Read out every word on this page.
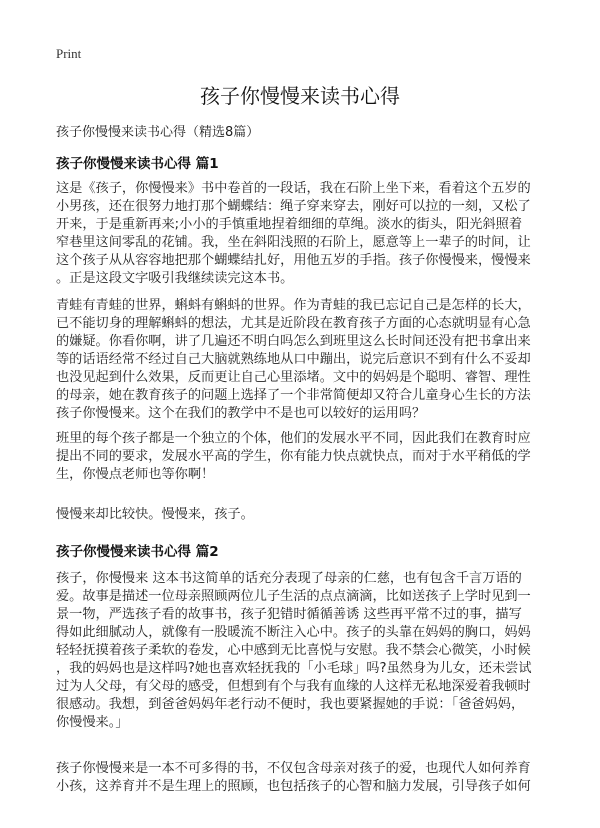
Print
孩子你慢慢来读书心得
孩子你慢慢来读书心得（精选8篇）
孩子你慢慢来读书心得 篇1

这是《孩子，你慢慢来》书中卷首的一段话，我在石阶上坐下来，看着这个五岁的
小男孩，还在很努力地打那个蝴蝶结：绳子穿来穿去，刚好可以拉的一刻，又松了
开来，于是重新再来;小小的手慎重地捏着细细的草绳。淡水的街头，阳光斜照着
窄巷里这间零乱的花铺。我，坐在斜阳浅照的石阶上，愿意等上一辈子的时间，让
这个孩子从从容容地把那个蝴蝶结扎好，用他五岁的手指。孩子你慢慢来，慢慢来
。正是这段文字吸引我继续读完这本书。

青蛙有青蛙的世界，蝌蚪有蝌蚪的世界。作为青蛙的我已忘记自己是怎样的长大，
已不能切身的理解蝌蚪的想法，尤其是近阶段在教育孩子方面的心态就明显有心急
的嫌疑。你看你啊，讲了几遍还不明白吗怎么到班里这么长时间还没有把书拿出来
等的话语经常不经过自己大脑就熟练地从口中蹦出，说完后意识不到有什么不妥却
也没见起到什么效果，反而更让自己心里添堵。文中的妈妈是个聪明、睿智、理性
的母亲，她在教育孩子的问题上选择了一个非常简便却又符合儿童身心生长的方法
孩子你慢慢来。这个在我们的教学中不是也可以较好的运用吗？

班里的每个孩子都是一个独立的个体，他们的发展水平不同，因此我们在教育时应
提出不同的要求，发展水平高的学生，你有能力快点就快点，而对于水平稍低的学
生，你慢点老师也等你啊！

慢慢来却比较快。慢慢来，孩子。

孩子你慢慢来读书心得 篇2

孩子，你慢慢来 这本书这简单的话充分表现了母亲的仁慈，也有包含千言万语的
爱。故事是描述一位母亲照顾两位儿子生活的点点滴滴，比如送孩子上学时见到一
景一物，严选孩子看的故事书，孩子犯错时循循善诱 这些再平常不过的事，描写
得如此细腻动人，就像有一股暖流不断注入心中。孩子的头靠在妈妈的胸口，妈妈
轻轻抚摸着孩子柔软的卷发，心中感到无比喜悦与安慰。我不禁会心微笑，小时候
，我的妈妈也是这样吗?她也喜欢轻抚我的「小毛球」吗?虽然身为儿女，还未尝试
过为人父母，有父母的感受，但想到有个与我有血缘的人这样无私地深爱着我顿时
很感动。我想，到爸爸妈妈年老行动不便时，我也要紧握她的手说：「爸爸妈妈，
你慢慢来。」

孩子你慢慢来是一本不可多得的书，不仅包含母亲对孩子的爱，也现代人如何养育
小孩，这养育并不是生理上的照顾，也包括孩子的心智和脑力发展，引导孩子如何
